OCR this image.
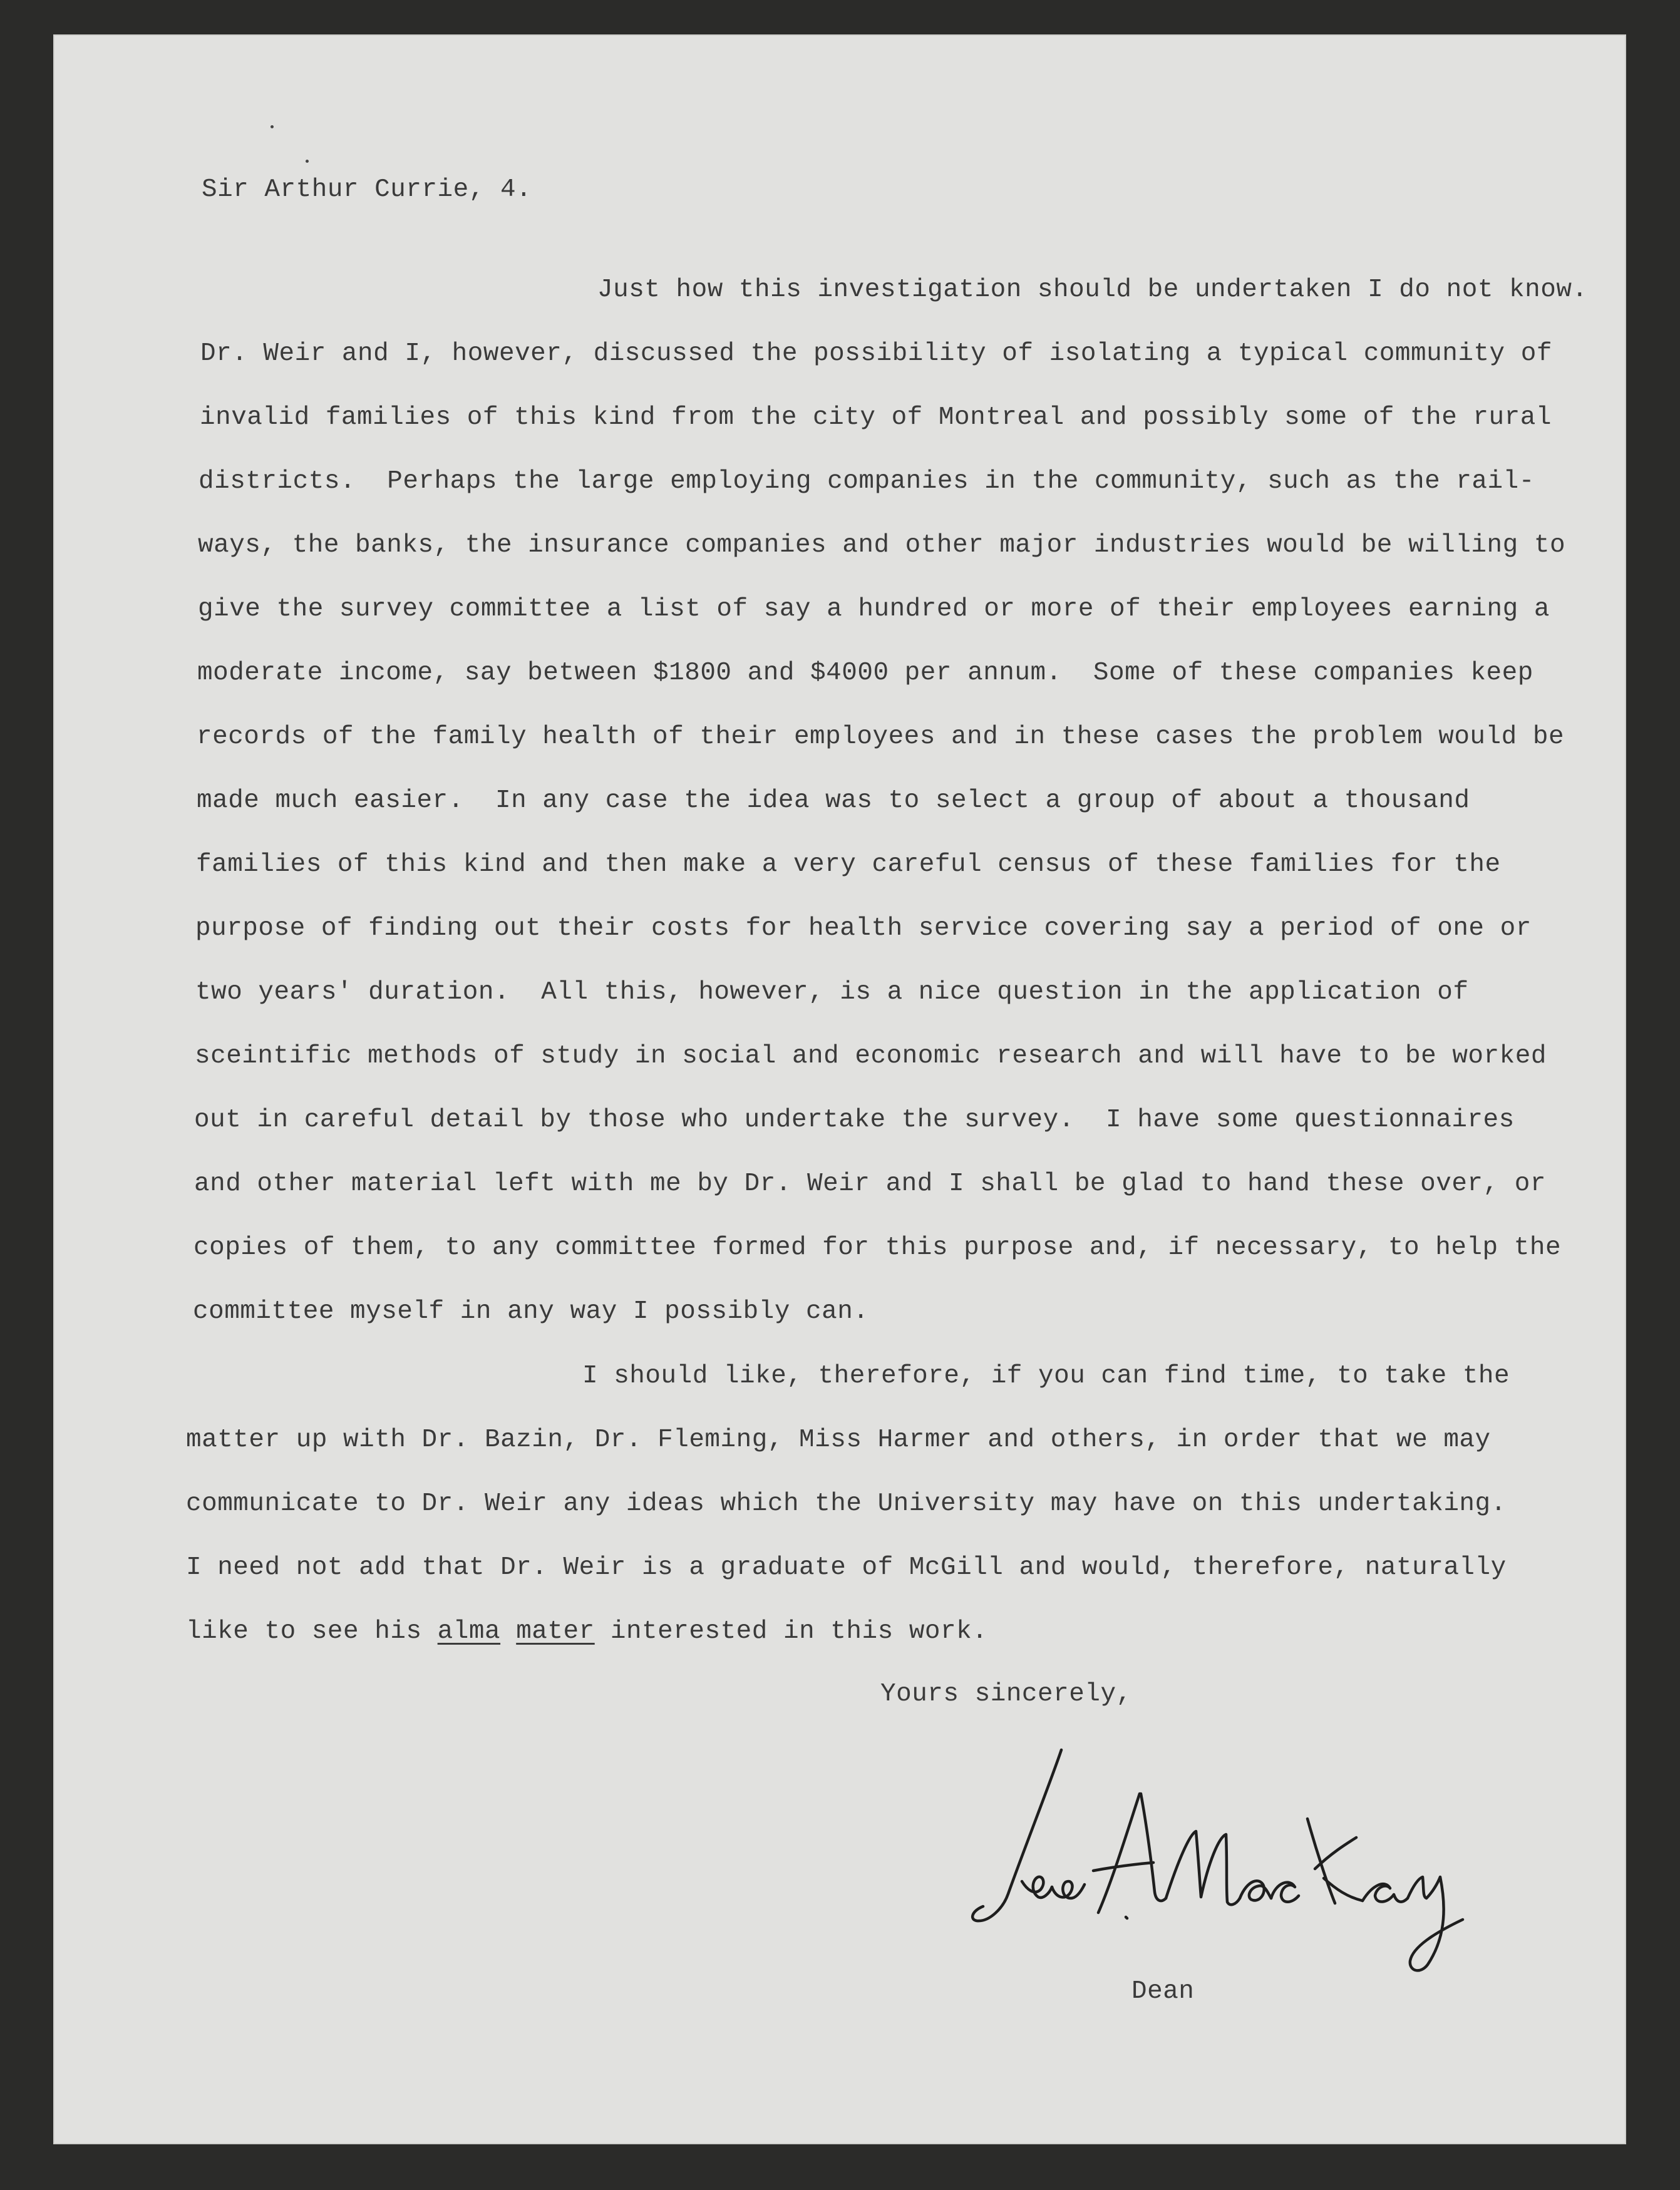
Sir Arthur Currie, 4.

Just how this investigation should be undertaken I do not know.

Dr. Weir and I, however, discussed the possibility of isolating a typical community of

invalid families of this kind from the city of Montreal and possibly some of the rural

districts.  Perhaps the large employing companies in the community, such as the rail-

ways, the banks, the insurance companies and other major industries would be willing to

give the survey committee a list of say a hundred or more of their employees earning a

moderate income, say between $1800 and $4000 per annum.  Some of these companies keep

records of the family health of their employees and in these cases the problem would be

made much easier.  In any case the idea was to select a group of about a thousand

families of this kind and then make a very careful census of these families for the

purpose of finding out their costs for health service covering say a period of one or

two years' duration.  All this, however, is a nice question in the application of

sceintific methods of study in social and economic research and will have to be worked

out in careful detail by those who undertake the survey.  I have some questionnaires

and other material left with me by Dr. Weir and I shall be glad to hand these over, or

copies of them, to any committee formed for this purpose and, if necessary, to help the

committee myself in any way I possibly can.

I should like, therefore, if you can find time, to take the

matter up with Dr. Bazin, Dr. Fleming, Miss Harmer and others, in order that we may

communicate to Dr. Weir any ideas which the University may have on this undertaking.

I need not add that Dr. Weir is a graduate of McGill and would, therefore, naturally

like to see his alma mater interested in this work.

Yours sincerely,

Dean
